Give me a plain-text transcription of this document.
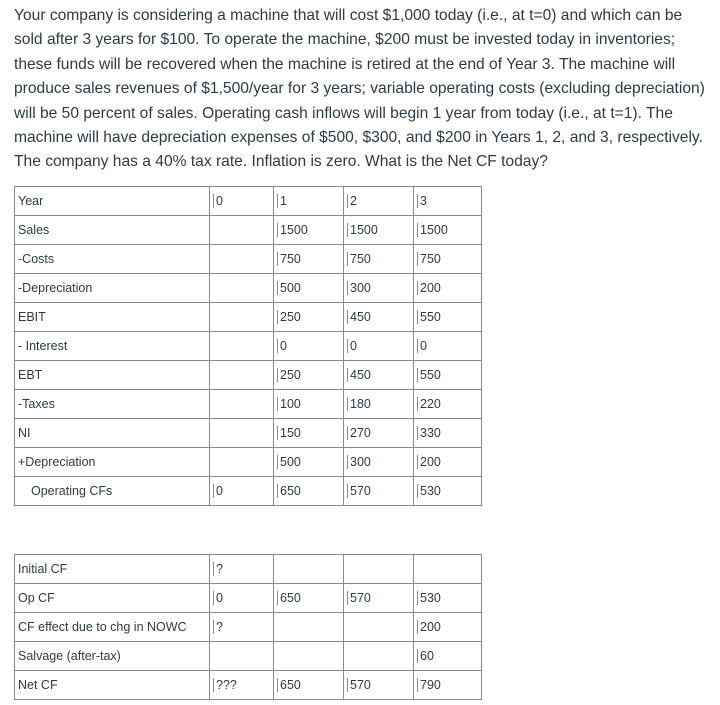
Your company is considering a machine that will cost $1,000 today (i.e., at t=0) and which can be sold after 3 years for $100. To operate the machine, $200 must be invested today in inventories; these funds will be recovered when the machine is retired at the end of Year 3. The machine will produce sales revenues of $1,500/year for 3 years; variable operating costs (excluding depreciation) will be 50 percent of sales. Operating cash inflows will begin 1 year from today (i.e., at t=1). The machine will have depreciation expenses of $500, $300, and $200 in Years 1, 2, and 3, respectively. The company has a 40% tax rate. Inflation is zero. What is the Net CF today?

Year	0	1	2	3
Sales		1500	1500	1500
-Costs		750	750	750
-Depreciation		500	300	200
EBIT		250	450	550
- Interest		0	0	0
EBT		250	450	550
-Taxes		100	180	220
NI		150	270	330
+Depreciation		500	300	200
Operating CFs	0	650	570	530
Initial CF	?			
Op CF	0	650	570	530
CF effect due to chg in NOWC	?			200
Salvage (after-tax)				60
Net CF	???	650	570	790
